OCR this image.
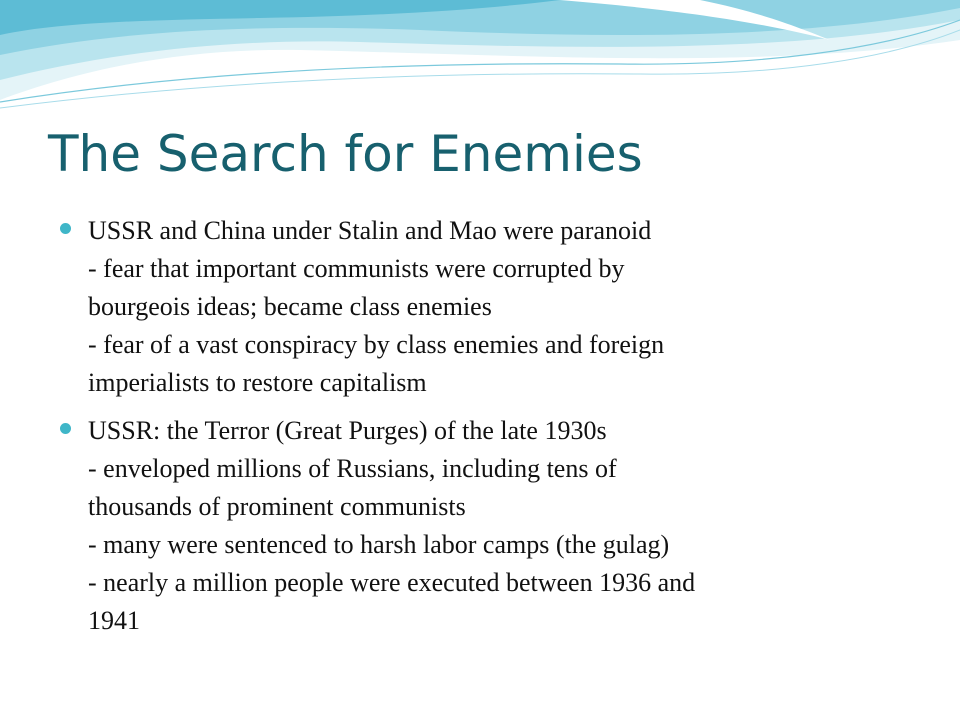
The Search for Enemies
USSR and China under Stalin and Mao were paranoid
- fear that important communists were corrupted by
bourgeois ideas; became class enemies
- fear of a vast conspiracy by class enemies and foreign
imperialists to restore capitalism
USSR: the Terror (Great Purges) of the late 1930s
- enveloped millions of Russians, including tens of
thousands of prominent communists
- many were sentenced to harsh labor camps (the gulag)
- nearly a million people were executed between 1936 and
1941
